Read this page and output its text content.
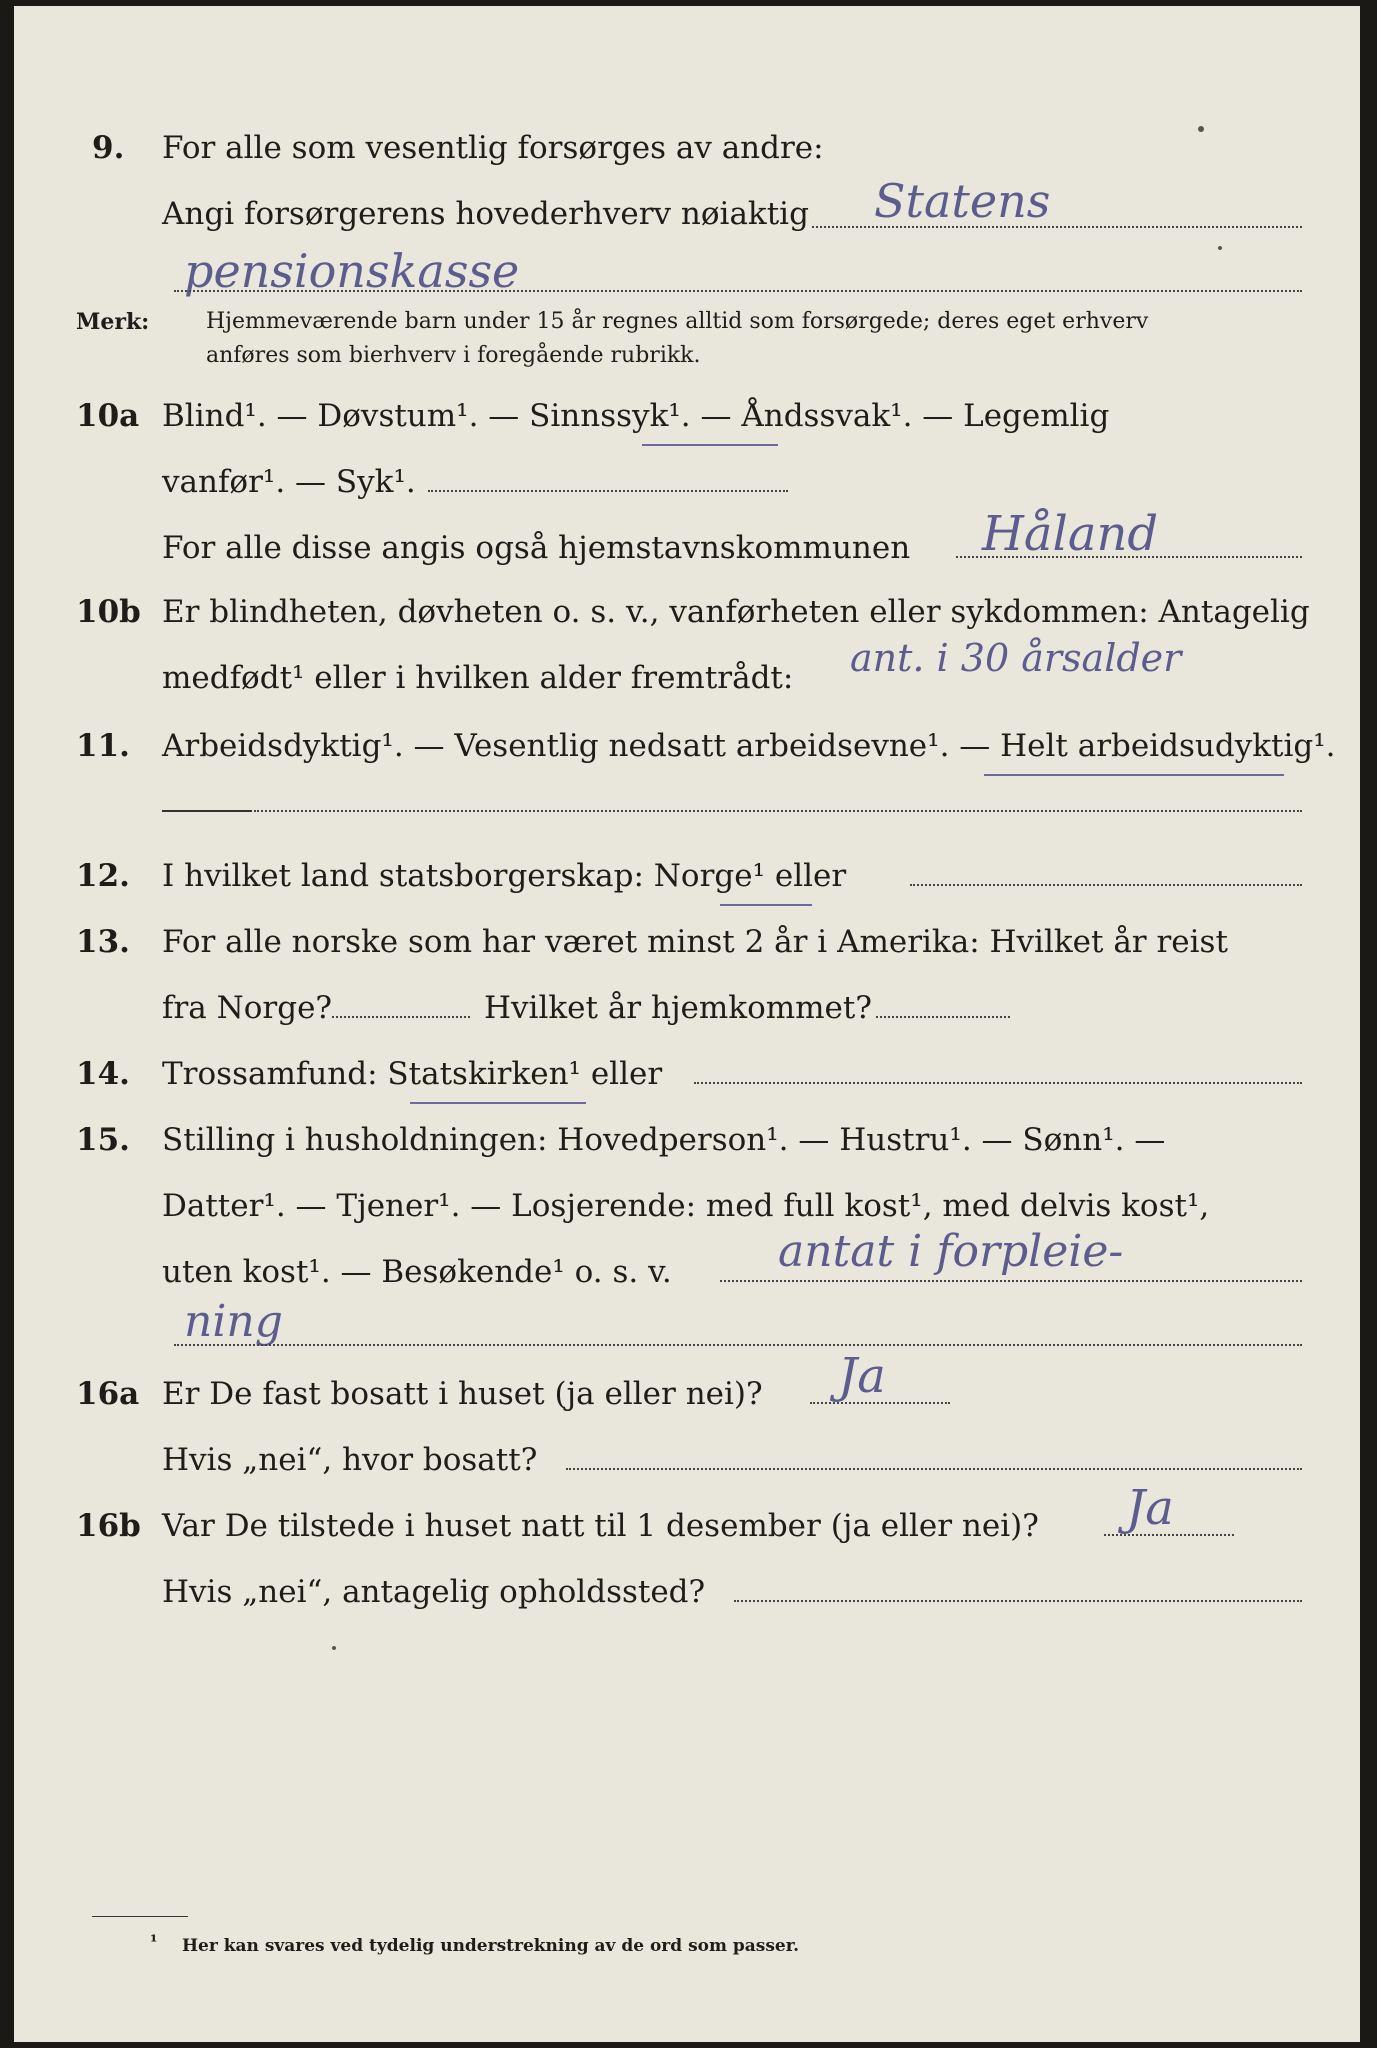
9. For alle som vesentlig forsørges av andre:
Angi forsørgerens hovederhverv nøiaktig Statens
pensionskasse
Merk:	Hjemmeværende barn under 15 år regnes alltid som forsørgede; deres eget erhverv
anføres som bierhverv i foregående rubrikk.
10a Blind¹. — Døvstum¹. — Sinnssyk¹. — Åndssvak¹. — Legemlig
vanfør¹. — Syk¹.
For alle disse angis også hjemstavnskommunen Håland
10b Er blindheten, døvheten o. s. v., vanførheten eller sykdommen: Antagelig
medfødt¹ eller i hvilken alder fremtrådt: ant. i 30 årsalder
11. Arbeidsdyktig¹. — Vesentlig nedsatt arbeidsevne¹. — Helt arbeidsudyktig¹.
12. I hvilket land statsborgerskap: Norge¹ eller
13. For alle norske som har været minst 2 år i Amerika: Hvilket år reist
fra Norge?	Hvilket år hjemkommet?
14. Trossamfund: Statskirken¹ eller
15. Stilling i husholdningen: Hovedperson¹. — Hustru¹. — Sønn¹. —
Datter¹. — Tjener¹. — Losjerende: med full kost¹, med delvis kost¹,
uten kost¹. — Besøkende¹ o. s. v. antat i forpleie-
ning
16a Er De fast bosatt i huset (ja eller nei)? Ja
Hvis „nei“, hvor bosatt?
16b Var De tilstede i huset natt til 1 desember (ja eller nei)? Ja
Hvis „nei“, antagelig opholdssted?
¹ Her kan svares ved tydelig understrekning av de ord som passer.
